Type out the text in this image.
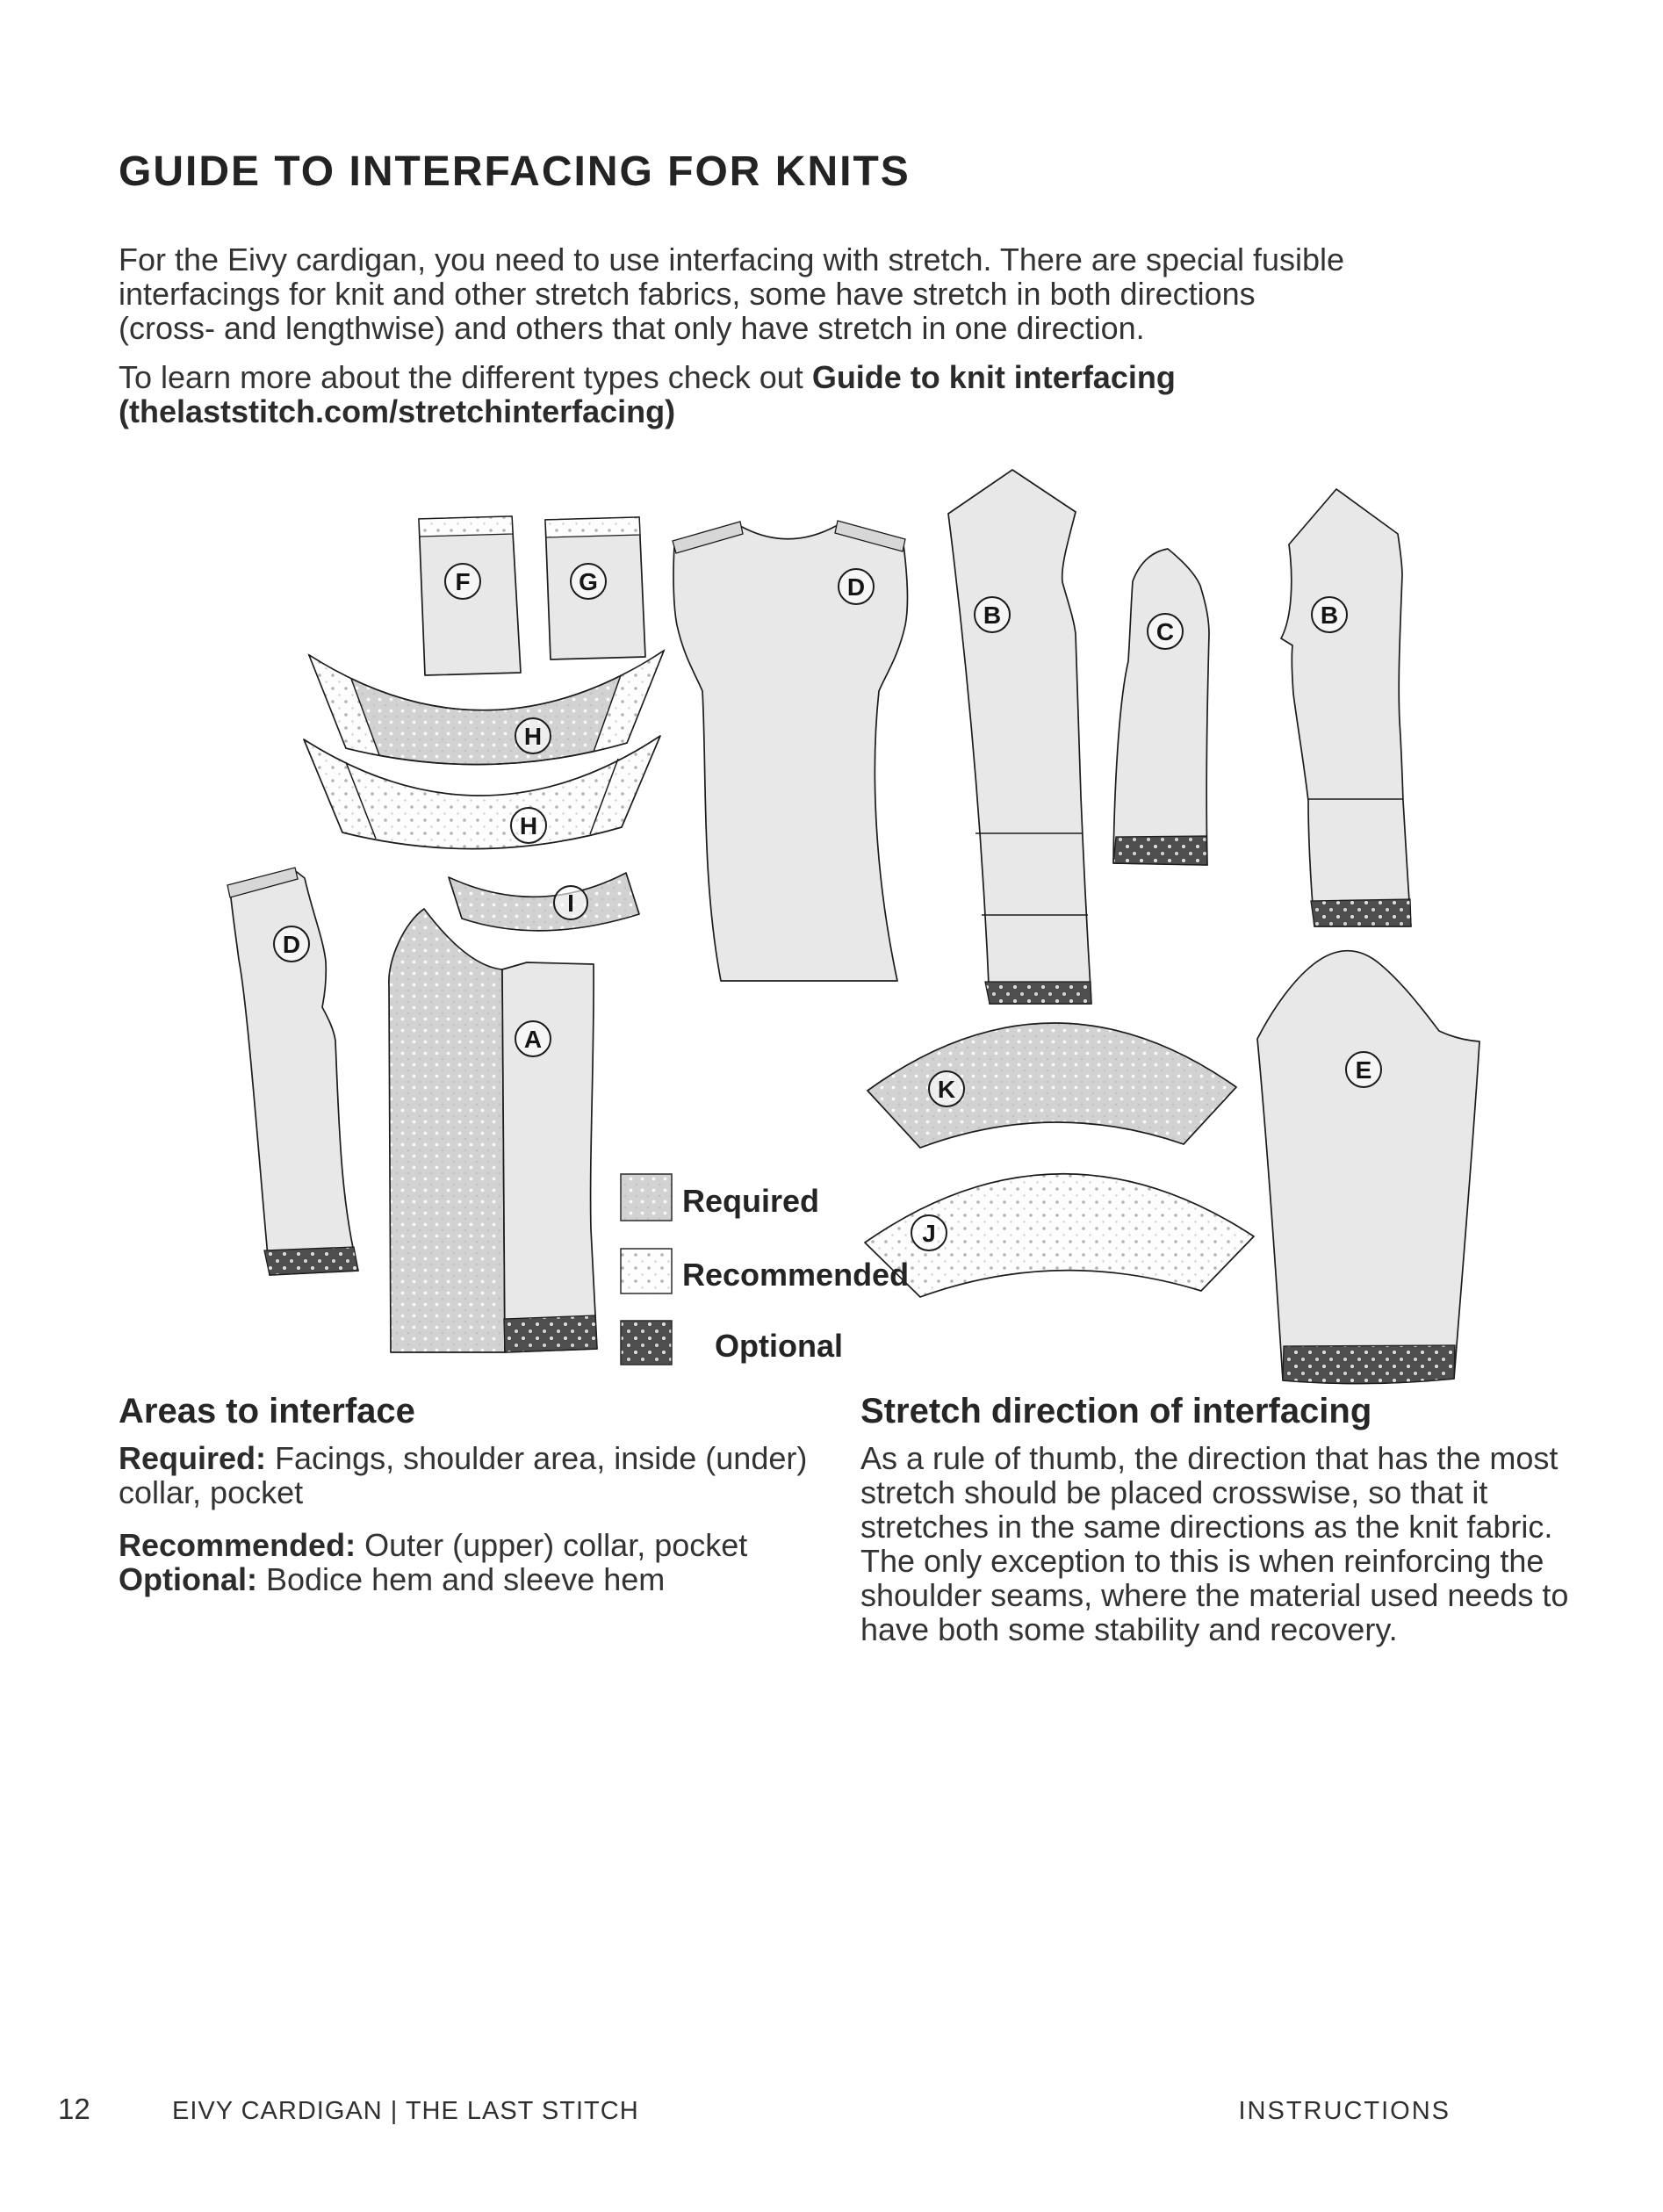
GUIDE TO INTERFACING FOR KNITS
For the Eivy cardigan, you need to use interfacing with stretch. There are special fusible
interfacings for knit and other stretch fabrics, some have stretch in both directions
(cross- and lengthwise) and others that only have stretch in one direction.
To learn more about the different types check out Guide to knit interfacing
(thelaststitch.com/stretchinterfacing)
F	G
H
H
I
D
A
D
B
C
B
K
J
E
Required
Recommended
Optional
Areas to interface
Required: Facings, shoulder area, inside (under)
collar, pocket
Recommended: Outer (upper) collar, pocket
Optional: Bodice hem and sleeve hem
Stretch direction of interfacing
As a rule of thumb, the direction that has the most
stretch should be placed crosswise, so that it
stretches in the same directions as the knit fabric.
The only exception to this is when reinforcing the
shoulder seams, where the material used needs to
have both some stability and recovery.
12	EIVY CARDIGAN | THE LAST STITCH	INSTRUCTIONS
